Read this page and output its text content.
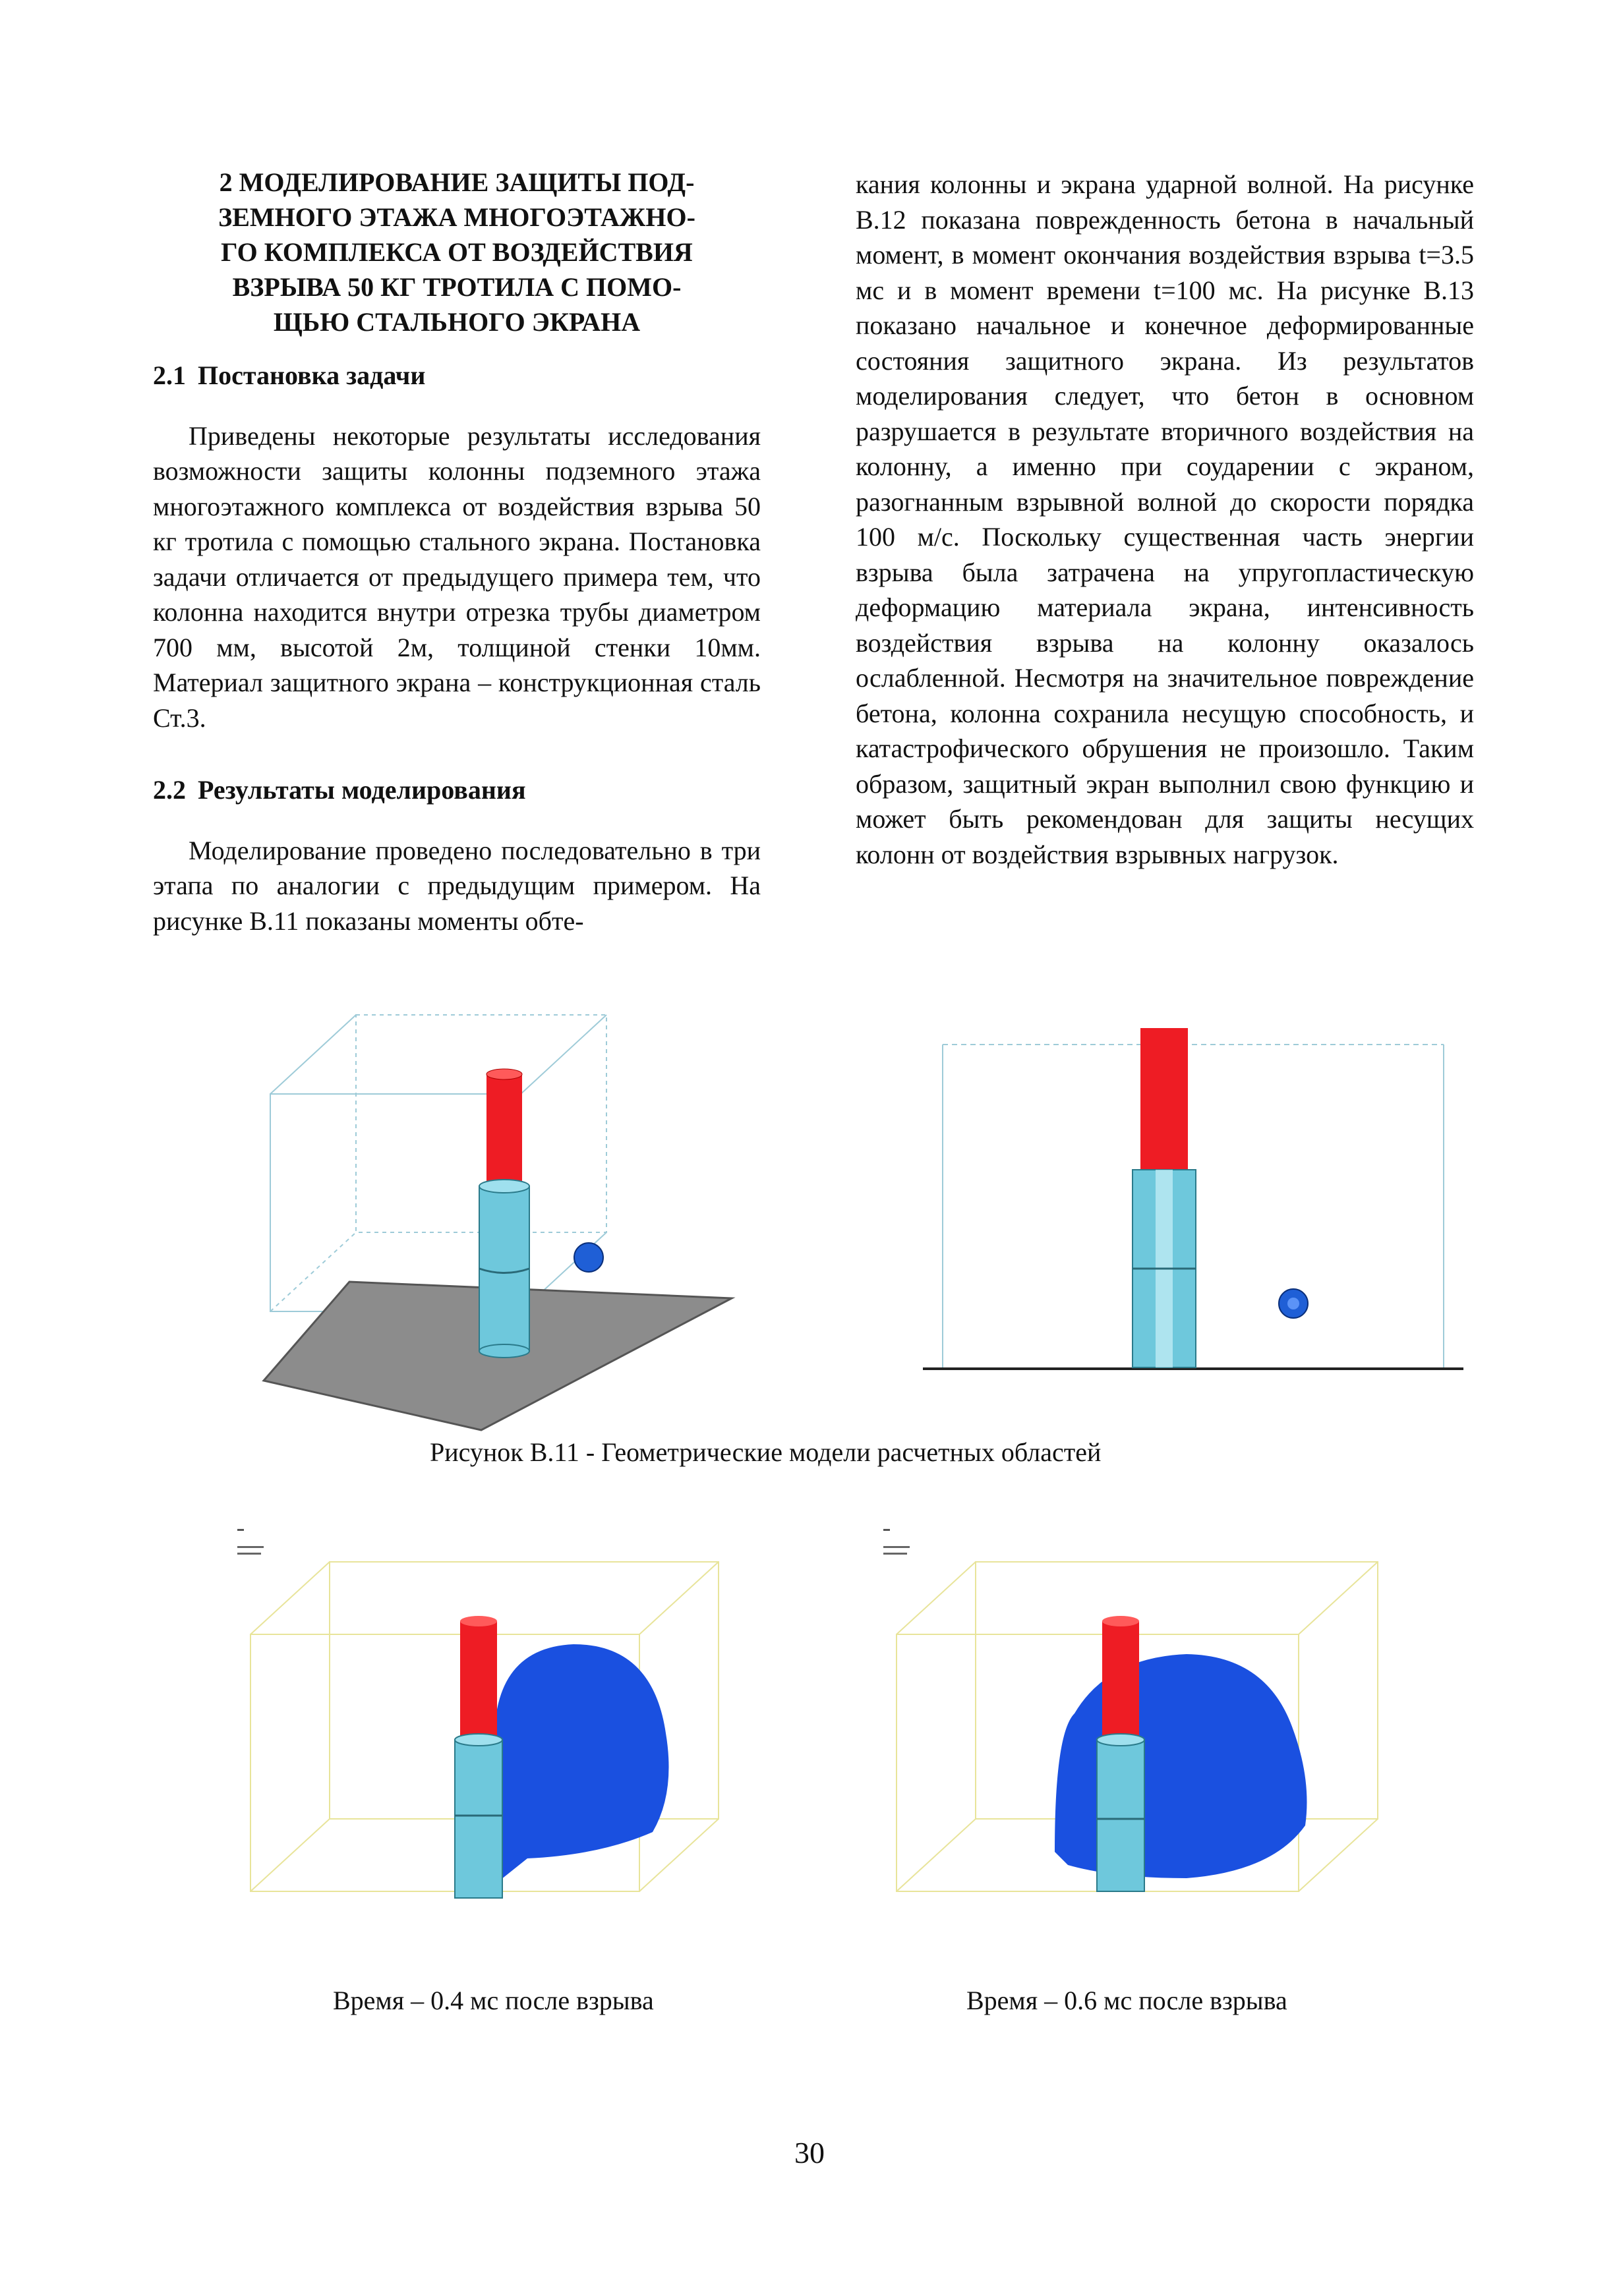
2 МОДЕЛИРОВАНИЕ ЗАЩИТЫ ПОД-
ЗЕМНОГО ЭТАЖА МНОГОЭТАЖНО-
ГО КОМПЛЕКСА ОТ ВОЗДЕЙСТВИЯ
ВЗРЫВА 50 КГ ТРОТИЛА С ПОМО-
ЩЬЮ СТАЛЬНОГО ЭКРАНА
2.1 Постановка задачи

Приведены некоторые результаты исследования возможности защиты колонны подземного этажа многоэтажного комплекса от воздействия взрыва 50 кг тротила с помощью стального экрана. Постановка задачи отличается от предыдущего примера тем, что колонна находится внутри отрезка трубы диаметром 700 мм, высотой 2м, толщиной стенки 10мм. Материал защитного экрана – конструкционная сталь Ст.3.

2.2 Результаты моделирования

Моделирование проведено последовательно в три этапа по аналогии с предыдущим примером. На рисунке В.11 показаны моменты обте-

кания колонны и экрана ударной волной. На рисунке В.12 показана поврежденность бетона в начальный момент, в момент окончания воздействия взрыва t=3.5 мс и в момент времени t=100 мс. На рисунке В.13 показано начальное и конечное деформированные состояния защитного экрана. Из результатов моделирования следует, что бетон в основном разрушается в результате вторичного воздействия на колонну, а именно при соударении с экраном, разогнанным взрывной волной до скорости порядка 100 м/с. Поскольку существенная часть энергии взрыва была затрачена на упругопластическую деформацию материала экрана, интенсивность воздействия взрыва на колонну оказалось ослабленной. Несмотря на значительное повреждение бетона, колонна сохранила несущую способность, и катастрофического обрушения не произошло. Таким образом, защитный экран выполнил свою функцию и может быть рекомендован для защиты несущих колонн от воздействия взрывных нагрузок.

Рисунок В.11 - Геометрические модели расчетных областей
Время – 0.4 мс после взрыва	Время – 0.6 мс после взрыва
30
